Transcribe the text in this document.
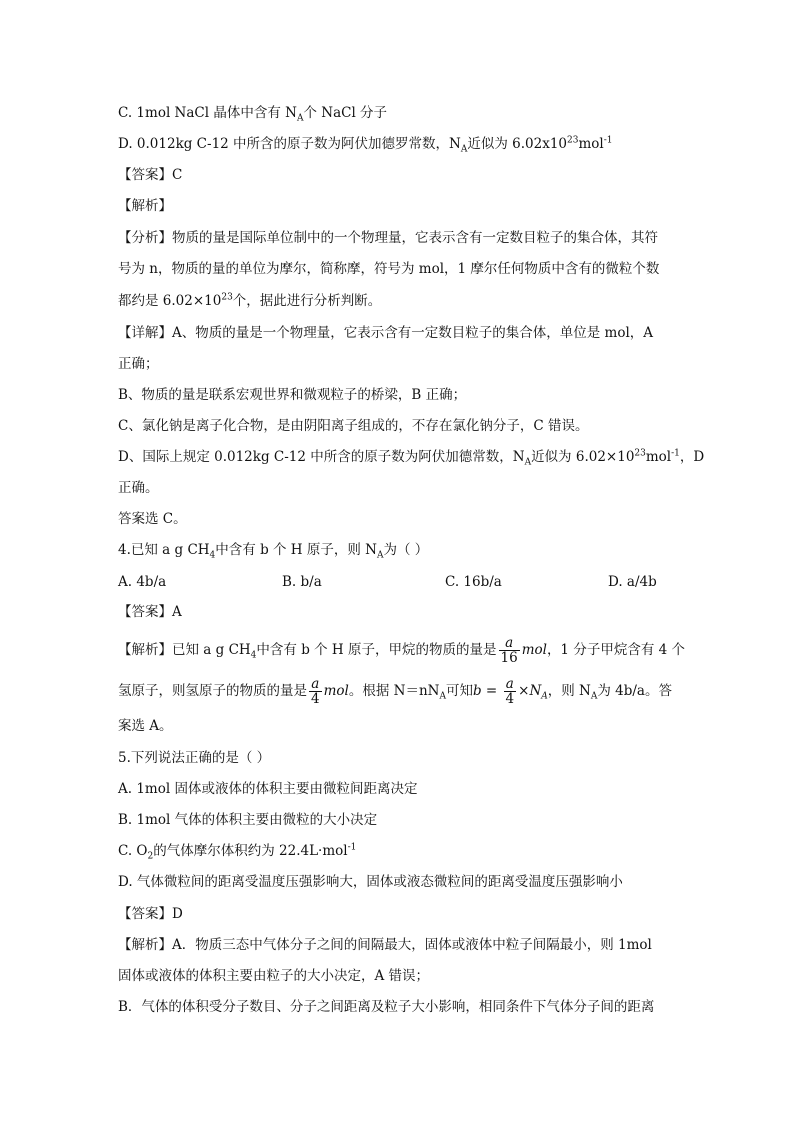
C. 1mol NaCl 晶体中含有 $N_A$个 NaCl 分子
D. 0.012kg C-12 中所含的原子数为阿伏加德罗常数，$N_A$近似为 $6.02x10^{23}mol^{-1}$
【答案】C
【解析】
【分析】物质的量是国际单位制中的一个物理量，它表示含有一定数目粒子的集合体，其符
号为 n，物质的量的单位为摩尔，简称摩，符号为 mol，1 摩尔任何物质中含有的微粒个数
都约是 $6.02\times 10^{23}$个，据此进行分析判断。
【详解】A、物质的量是一个物理量，它表示含有一定数目粒子的集合体，单位是 mol，A
正确；
B、物质的量是联系宏观世界和微观粒子的桥梁，B 正确；
C、氯化钠是离子化合物，是由阴阳离子组成的，不存在氯化钠分子，C 错误。
D、国际上规定 0.012kg C-12 中所含的原子数为阿伏加德常数，$N_A$近似为 $6.02\times 10^{23}mol^{-1}$，D
正确。
答案选 C。
4.已知 a g $CH_4$中含有 b 个 H 原子，则 $N_A$为（ ）
A. 4b/a	B. b/a	C. 16b/a	D. a/4b
【答案】A
【解析】已知 a g $CH_4$中含有 b 个 H 原子，甲烷的物质的量是 $\frac{a}{16}$ mol，1 分子甲烷含有 4 个
氢原子，则氢原子的物质的量是 $\frac{a}{4}$ mol。根据 $N=nN_A$可知$b = \frac{a}{4} \times N_A$，则 $N_A$为 4b/a。答
案选 A。
5.下列说法正确的是（ ）
A. 1mol 固体或液体的体积主要由微粒间距离决定
B. 1mol 气体的体积主要由微粒的大小决定
C. $O_2$的气体摩尔体积约为 22.4L·mol$^{-1}$
D. 气体微粒间的距离受温度压强影响大，固体或液态微粒间的距离受温度压强影响小
【答案】D
【解析】A．物质三态中气体分子之间的间隔最大，固体或液体中粒子间隔最小，则 1mol
固体或液体的体积主要由粒子的大小决定，A 错误；
B．气体的体积受分子数目、分子之间距离及粒子大小影响，相同条件下气体分子间的距离
